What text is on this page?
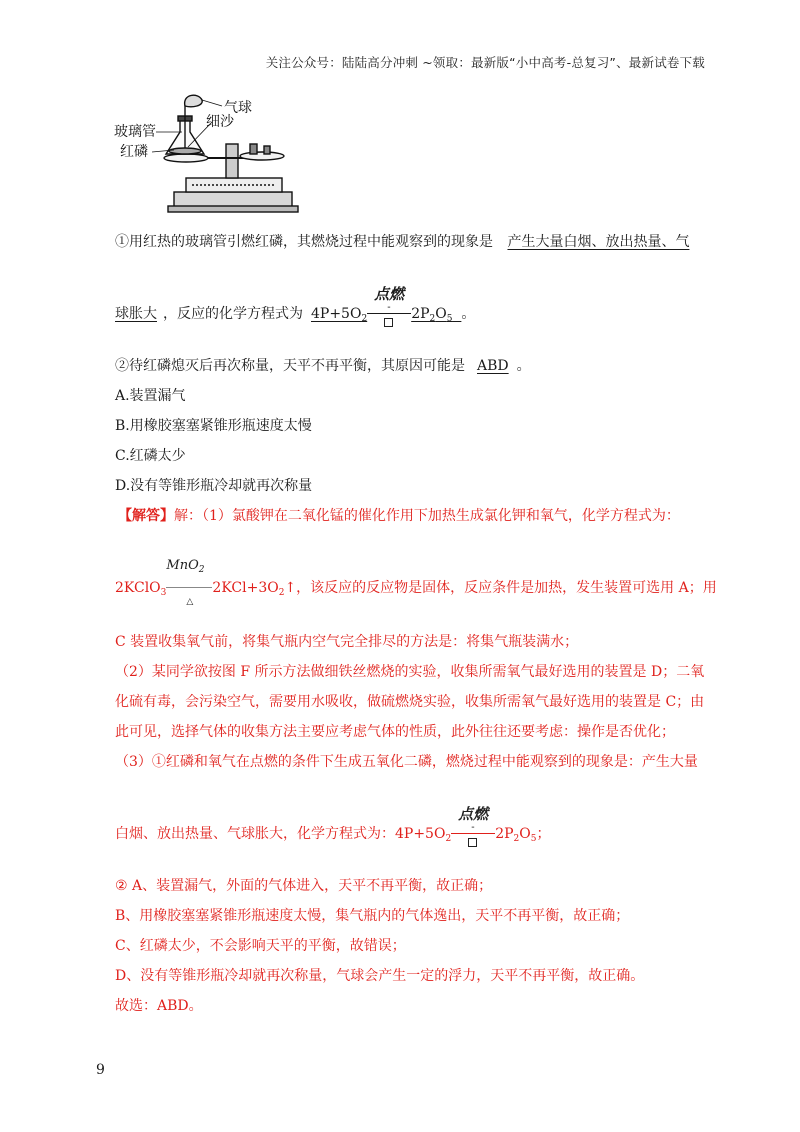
关注公众号：陆陆高分冲刺 ~领取：最新版“小中高考-总复习”、最新试卷下载
气球
细沙
玻璃管
红磷
①用红热的玻璃管引燃红磷，其燃烧过程中能观察到的现象是 产生大量白烟、放出热量、气
球胀大 ，反应的化学方程式为 $4P+5O_2$
点燃
- $2P_2O_5$ 。
②待红磷熄灭后再次称量，天平不再平衡，其原因可能是 ABD 。
A.装置漏气
B.用橡胶塞塞紧锥形瓶速度太慢
C.红磷太少
D.没有等锥形瓶冷却就再次称量
【解答】解：（1）氯酸钾在二氧化锰的催化作用下加热生成氯化钾和氧气，化学方程式为：
2KClO$_3$
MnO$_2$
△
$2KCl+3O_2↑$，该反应的反应物是固体，反应条件是加热，发生装置可选用 A；用
C 装置收集氧气前，将集气瓶内空气完全排尽的方法是：将集气瓶装满水；
（2）某同学欲按图 F 所示方法做细铁丝燃烧的实验，收集所需氧气最好选用的装置是 D；二氧
化硫有毒，会污染空气，需要用水吸收，做硫燃烧实验，收集所需氧气最好选用的装置是 C；由
此可见，选择气体的收集方法主要应考虑气体的性质，此外往往还要考虑：操作是否优化；
（3）①红磷和氧气在点燃的条件下生成五氧化二磷，燃烧过程中能观察到的现象是：产生大量
白烟、放出热量、气球胀大，化学方程式为：$4P+5O_2$
点燃
- $2P_2O_5$；
② A、装置漏气，外面的气体进入，天平不再平衡，故正确；
B、用橡胶塞塞紧锥形瓶速度太慢，集气瓶内的气体逸出，天平不再平衡，故正确；
C、红磷太少，不会影响天平的平衡，故错误；
D、没有等锥形瓶冷却就再次称量，气球会产生一定的浮力，天平不再平衡，故正确。
故选：ABD。
9
